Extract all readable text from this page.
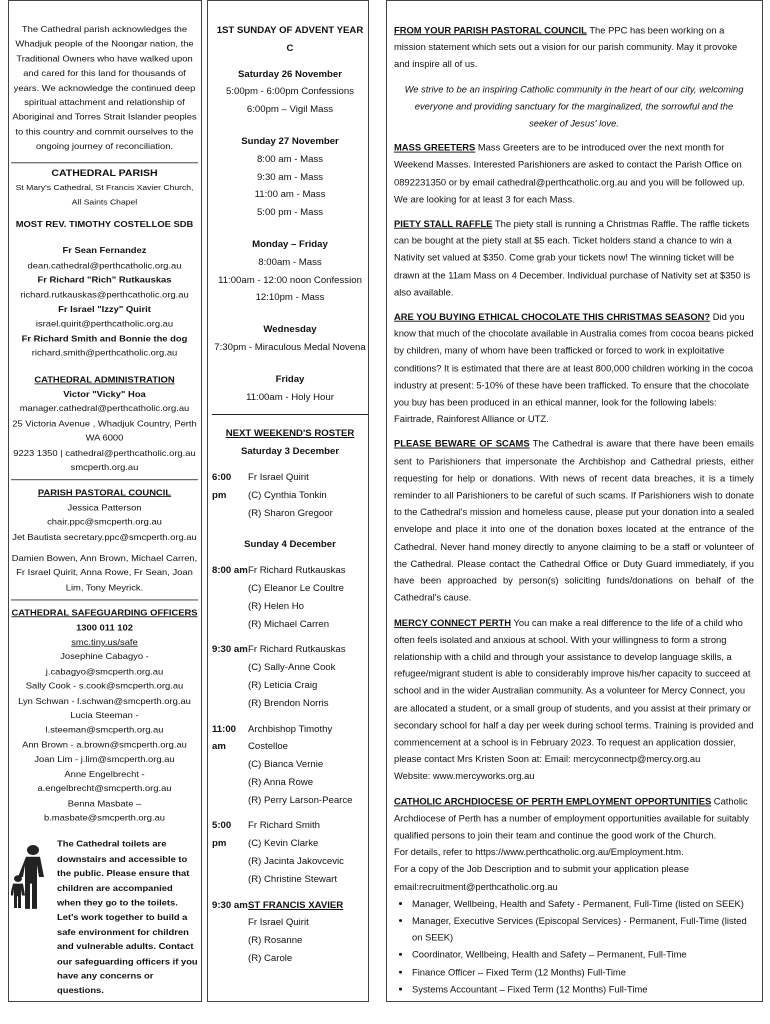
The Cathedral parish acknowledges the Whadjuk people of the Noongar nation, the Traditional Owners who have walked upon and cared for this land for thousands of years. We acknowledge the continued deep spiritual attachment and relationship of Aboriginal and Torres Strait Islander peoples to this country and commit ourselves to the ongoing journey of reconciliation.

CATHEDRAL PARISH

St Mary's Cathedral, St Francis Xavier Church, All Saints Chapel

MOST REV. TIMOTHY COSTELLOE SDB

Fr Sean Fernandez

dean.cathedral@perthcatholic.org.au

Fr Richard "Rich" Rutkauskas

richard.rutkauskas@perthcatholic.org.au

Fr Israel "Izzy" Quirit

israel.quirit@perthcatholic.org.au

Fr Richard Smith and Bonnie the dog

richard.smith@perthcatholic.org.au

CATHEDRAL ADMINISTRATION

Victor "Vicky" Hoa

manager.cathedral@perthcatholic.org.au

25 Victoria Avenue , Whadjuk Country, Perth WA 6000

9223 1350 | cathedral@perthcatholic.org.au

smcperth.org.au

PARISH PASTORAL COUNCIL

Jessica Patterson chair.ppc@smcperth.org.au

Jet Bautista secretary.ppc@smcperth.org.au

Damien Bowen, Ann Brown, Michael Carren, Fr Israel Quirit, Anna Rowe, Fr Sean, Joan Lim, Tony Meyrick.

CATHEDRAL SAFEGUARDING OFFICERS

1300 011 102

smc.tiny.us/safe

Josephine Cabagyo - j.cabagyo@smcperth.org.au

Sally Cook - s.cook@smcperth.org.au

Lyn Schwan - l.schwan@smcperth.org.au

Lucia Steeman - l.steeman@smcperth.org.au

Ann Brown - a.brown@smcperth.org.au

Joan Lim - j.lim@smcperth.org.au

Anne Engelbrecht - a.engelbrecht@smcperth.org.au

Benna Masbate – b.masbate@smcperth.org.au

The Cathedral toilets are downstairs and accessible to the public. Please ensure that children are accompanied when they go to the toilets. Let's work together to build a safe environment for children and vulnerable adults. Contact our safeguarding officers if you have any concerns or questions.

1ST SUNDAY OF ADVENT YEAR C

Saturday 26 November

5:00pm - 6:00pm Confessions

6:00pm – Vigil Mass

Sunday 27 November

8:00 am - Mass

9:30 am - Mass

11:00 am - Mass

5:00 pm - Mass

Monday – Friday

8:00am - Mass

11:00am - 12:00 noon Confession

12:10pm - Mass

Wednesday

7:30pm - Miraculous Medal Novena

Friday

11:00am - Holy Hour

NEXT WEEKEND'S ROSTER

Saturday 3 December

6:00 pm

Fr Israel Quirit

(C) Cynthia Tonkin

(R) Sharon Gregoor

Sunday 4 December

8:00 am Fr Richard Rutkauskas

(C) Eleanor Le Coultre

(R) Helen Ho

(R) Michael Carren

9:30 am Fr Richard Rutkauskas

(C) Sally-Anne Cook

(R) Leticia Craig

(R) Brendon Norris

11:00 am

Archbishop Timothy Costelloe

(C) Bianca Vernie

(R) Anna Rowe

(R) Perry Larson-Pearce

5:00 pm

Fr Richard Smith

(C) Kevin Clarke

(R) Jacinta Jakovcevic

(R) Christine Stewart

9:30 am ST FRANCIS XAVIER

Fr Israel Quirit

(R) Rosanne

(R) Carole

FROM YOUR PARISH PASTORAL COUNCIL The PPC has been working on a mission statement which sets out a vision for our parish community. May it provoke and inspire all of us.

We strive to be an inspiring Catholic community in the heart of our city, welcoming everyone and providing sanctuary for the marginalized, the sorrowful and the seeker of Jesus' love.

MASS GREETERS Mass Greeters are to be introduced over the next month for Weekend Masses. Interested Parishioners are asked to contact the Parish Office on 0892231350 or by email cathedral@perthcatholic.org.au and you will be followed up. We are looking for at least 3 for each Mass.

PIETY STALL RAFFLE The piety stall is running a Christmas Raffle. The raffle tickets can be bought at the piety stall at $5 each. Ticket holders stand a chance to win a Nativity set valued at $350. Come grab your tickets now! The winning ticket will be drawn at the 11am Mass on 4 December. Individual purchase of Nativity set at $350 is also available.

ARE YOU BUYING ETHICAL CHOCOLATE THIS CHRISTMAS SEASON? Did you know that much of the chocolate available in Australia comes from cocoa beans picked by children, many of whom have been trafficked or forced to work in exploitative conditions? It is estimated that there are at least 800,000 children working in the cocoa industry at present: 5-10% of these have been trafficked. To ensure that the chocolate you buy has been produced in an ethical manner, look for the following labels: Fairtrade, Rainforest Alliance or UTZ.

PLEASE BEWARE OF SCAMS The Cathedral is aware that there have been emails sent to Parishioners that impersonate the Archbishop and Cathedral priests, either requesting for help or donations. With news of recent data breaches, it is a timely reminder to all Parishioners to be careful of such scams. If Parishioners wish to donate to the Cathedral's mission and homeless cause, please put your donation into a sealed envelope and place it into one of the donation boxes located at the entrance of the Cathedral. Never hand money directly to anyone claiming to be a staff or volunteer of the Cathedral. Please contact the Cathedral Office or Duty Guard immediately, if you have been approached by person(s) soliciting funds/donations on behalf of the Cathedral's cause.

MERCY CONNECT PERTH You can make a real difference to the life of a child who often feels isolated and anxious at school. With your willingness to form a strong relationship with a child and through your assistance to develop language skills, a refugee/migrant student is able to considerably improve his/her capacity to succeed at school and in the wider Australian community. As a volunteer for Mercy Connect, you are allocated a student, or a small group of students, and you assist at their primary or secondary school for half a day per week during school terms. Training is provided and commencement at a school is in February 2023. To request an application dossier, please contact Mrs Kristen Soon at: Email: mercyconnectp@mercy.org.au

Website: www.mercyworks.org.au

CATHOLIC ARCHDIOCESE OF PERTH EMPLOYMENT OPPORTUNITIES Catholic Archdiocese of Perth has a number of employment opportunities available for suitably qualified persons to join their team and continue the good work of the Church.

For details, refer to https://www.perthcatholic.org.au/Employment.htm.

For a copy of the Job Description and to submit your application please email:recruitment@perthcatholic.org.au

• Manager, Wellbeing, Health and Safety - Permanent, Full-Time (listed on SEEK)
• Manager, Executive Services (Episcopal Services) - Permanent, Full-Time (listed on SEEK)
• Coordinator, Wellbeing, Health and Safety – Permanent, Full-Time
• Finance Officer – Fixed Term (12 Months) Full-Time
• Systems Accountant – Fixed Term (12 Months) Full-Time
